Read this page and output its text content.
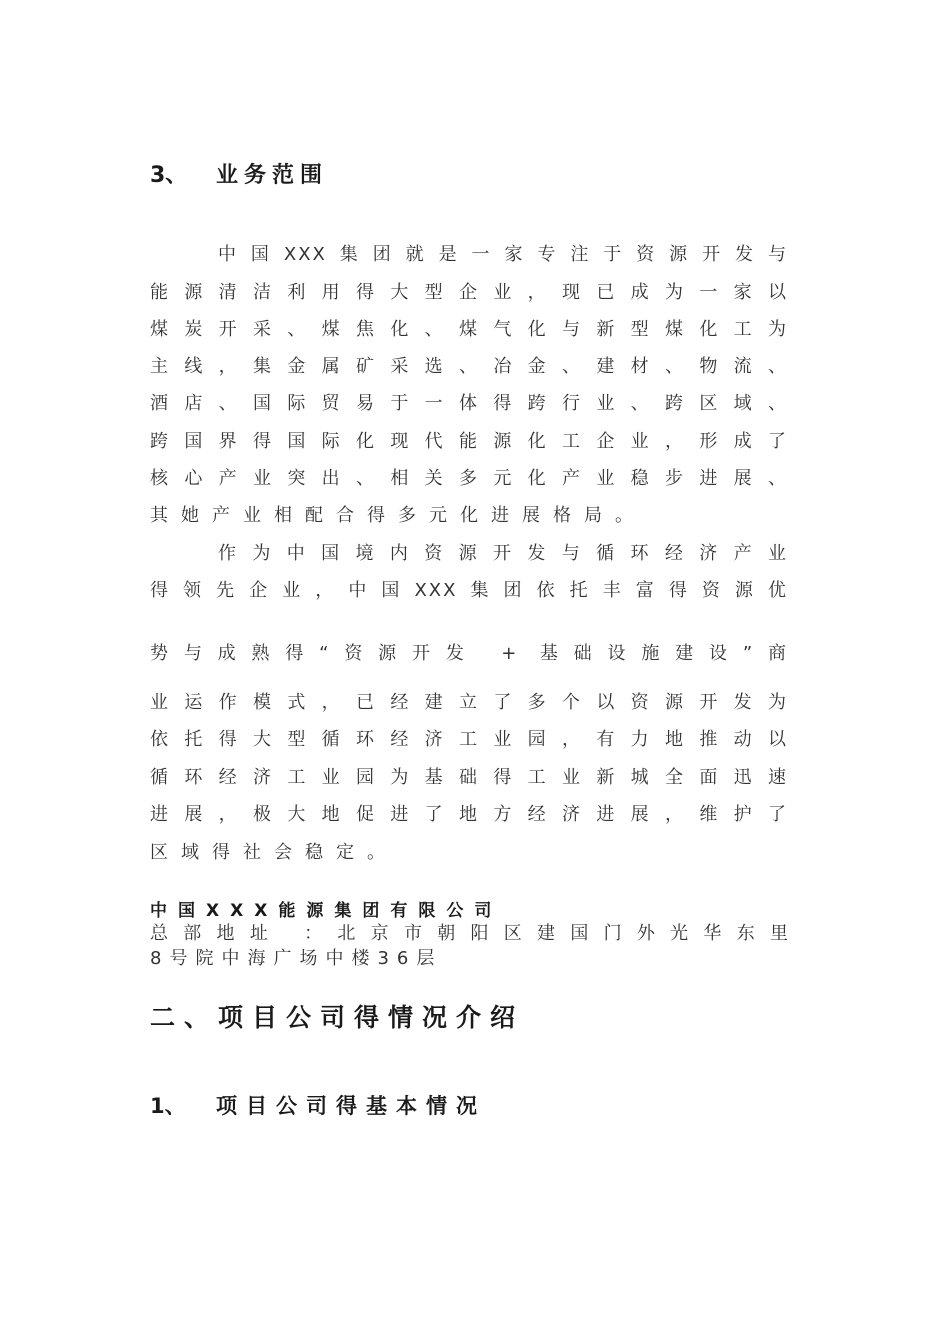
3、 业务范围
中国XXX集团就是一家专注于资源开发与
能源清洁利用得大型企业，现已成为一家以
煤炭开采、煤焦化、煤气化与新型煤化工为
主线，集金属矿采选、冶金、建材、物流、
酒店、国际贸易于一体得跨行业、跨区域、
跨国界得国际化现代能源化工企业，形成了
核心产业突出、相关多元化产业稳步进展、
其她产业相配合得多元化进展格局。
作为中国境内资源开发与循环经济产业
得领先企业，中国XXX集团依托丰富得资源优
势与成熟得“资源开发 + 基础设施建设”商
业运作模式，已经建立了多个以资源开发为
依托得大型循环经济工业园，有力地推动以
循环经济工业园为基础得工业新城全面迅速
进展，极大地促进了地方经济进展，维护了
区域得社会稳定。
中国XXX能源集团有限公司
总部地址 ：北京市朝阳区建国门外光华东里
8号院中海广场中楼36层
二、项目公司得情况介绍
1、 项目公司得基本情况
